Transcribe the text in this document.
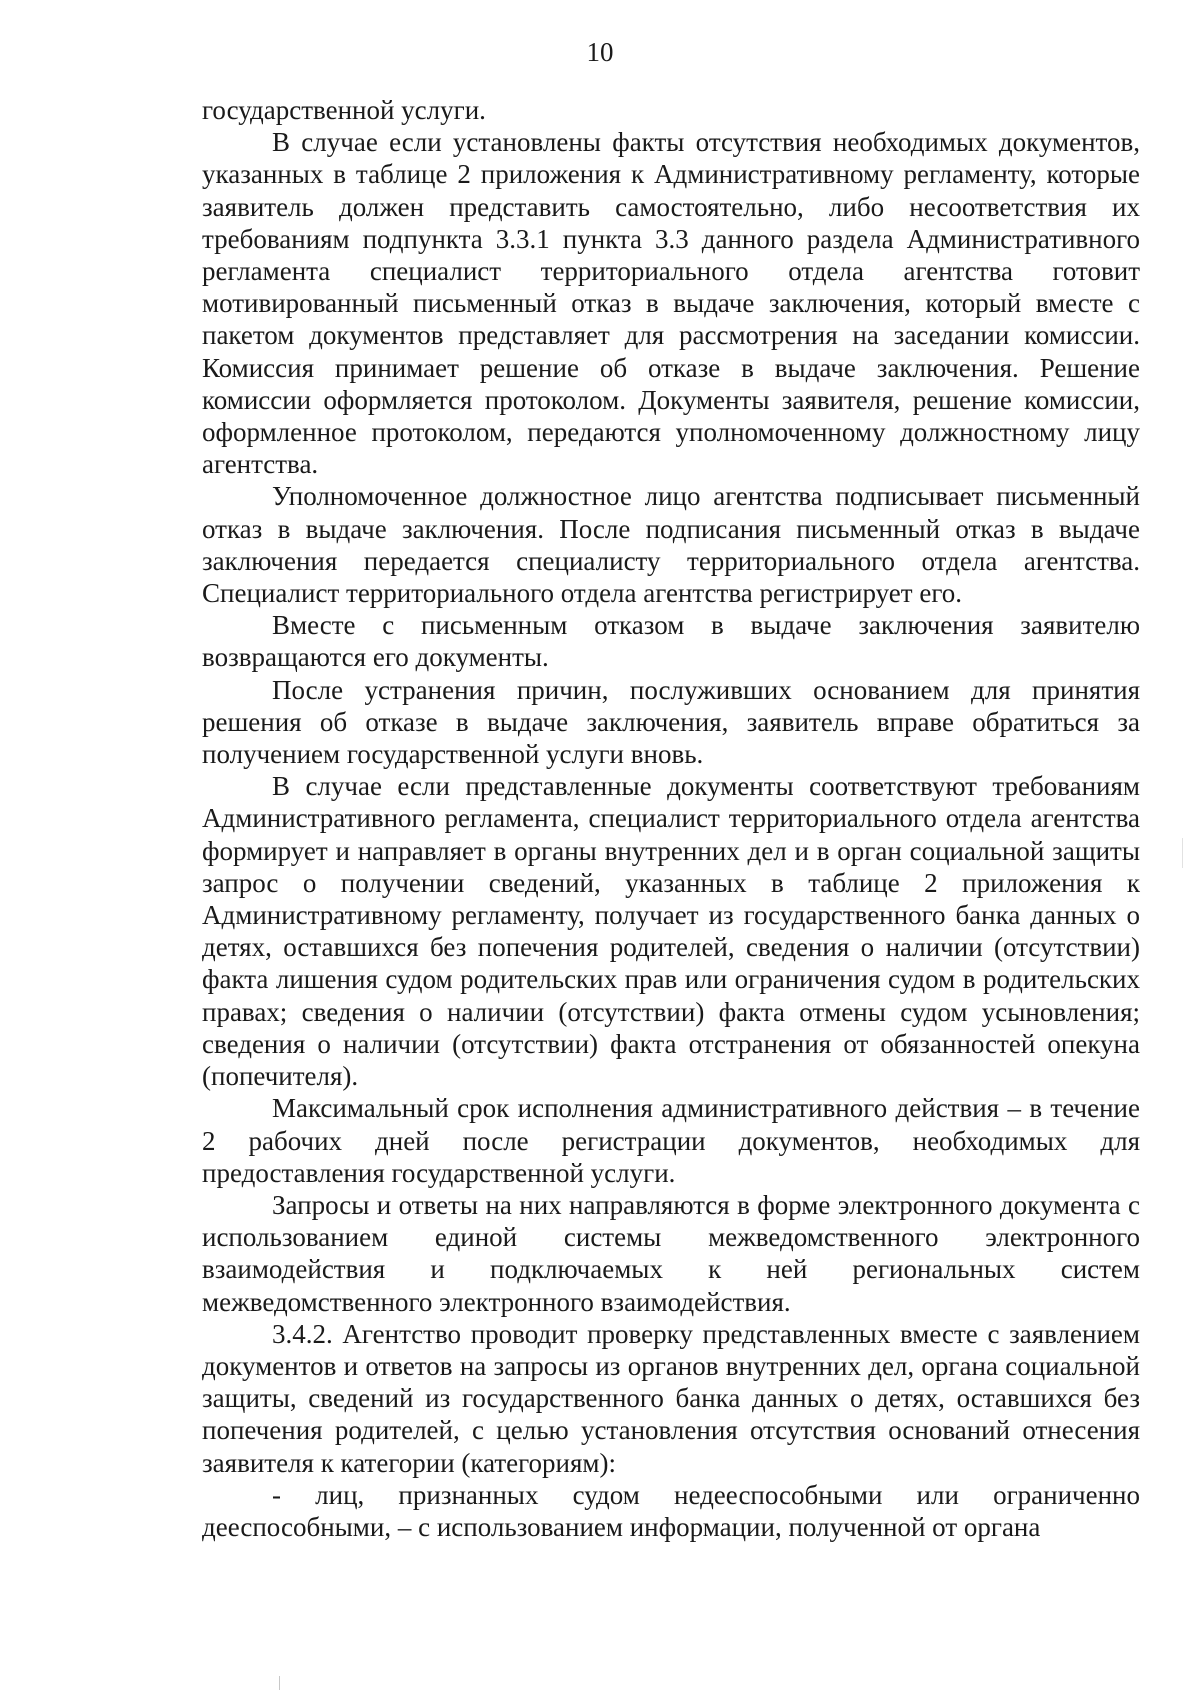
10

государственной услуги.

В случае если установлены факты отсутствия необходимых документов, указанных в таблице 2 приложения к Административному регламенту, которые заявитель должен представить самостоятельно, либо несоответствия их требованиям подпункта 3.3.1 пункта 3.3 данного раздела Административного регламента специалист территориального отдела агентства готовит мотивированный письменный отказ в выдаче заключения, который вместе с пакетом документов представляет для рассмотрения на заседании комиссии. Комиссия принимает решение об отказе в выдаче заключения. Решение комиссии оформляется протоколом. Документы заявителя, решение комиссии, оформленное протоколом, передаются уполномоченному должностному лицу агентства.

Уполномоченное должностное лицо агентства подписывает письменный отказ в выдаче заключения. После подписания письменный отказ в выдаче заключения передается специалисту территориального отдела агентства. Специалист территориального отдела агентства регистрирует его.

Вместе с письменным отказом в выдаче заключения заявителю возвращаются его документы.

После устранения причин, послуживших основанием для принятия решения об отказе в выдаче заключения, заявитель вправе обратиться за получением государственной услуги вновь.

В случае если представленные документы соответствуют требованиям Административного регламента, специалист территориального отдела агентства формирует и направляет в органы внутренних дел и в орган социальной защиты запрос о получении сведений, указанных в таблице 2 приложения к Административному регламенту, получает из государственного банка данных о детях, оставшихся без попечения родителей, сведения о наличии (отсутствии) факта лишения судом родительских прав или ограничения судом в родительских правах; сведения о наличии (отсутствии) факта отмены судом усыновления; сведения о наличии (отсутствии) факта отстранения от обязанностей опекуна (попечителя).

Максимальный срок исполнения административного действия – в течение 2 рабочих дней после регистрации документов, необходимых для предоставления государственной услуги.

Запросы и ответы на них направляются в форме электронного документа с использованием единой системы межведомственного электронного взаимодействия и подключаемых к ней региональных систем межведомственного электронного взаимодействия.

3.4.2. Агентство проводит проверку представленных вместе с заявлением документов и ответов на запросы из органов внутренних дел, органа социальной защиты, сведений из государственного банка данных о детях, оставшихся без попечения родителей, с целью установления отсутствия оснований отнесения заявителя к категории (категориям):

- лиц, признанных судом недееспособными или ограниченно дееспособными, – с использованием информации, полученной от органа
